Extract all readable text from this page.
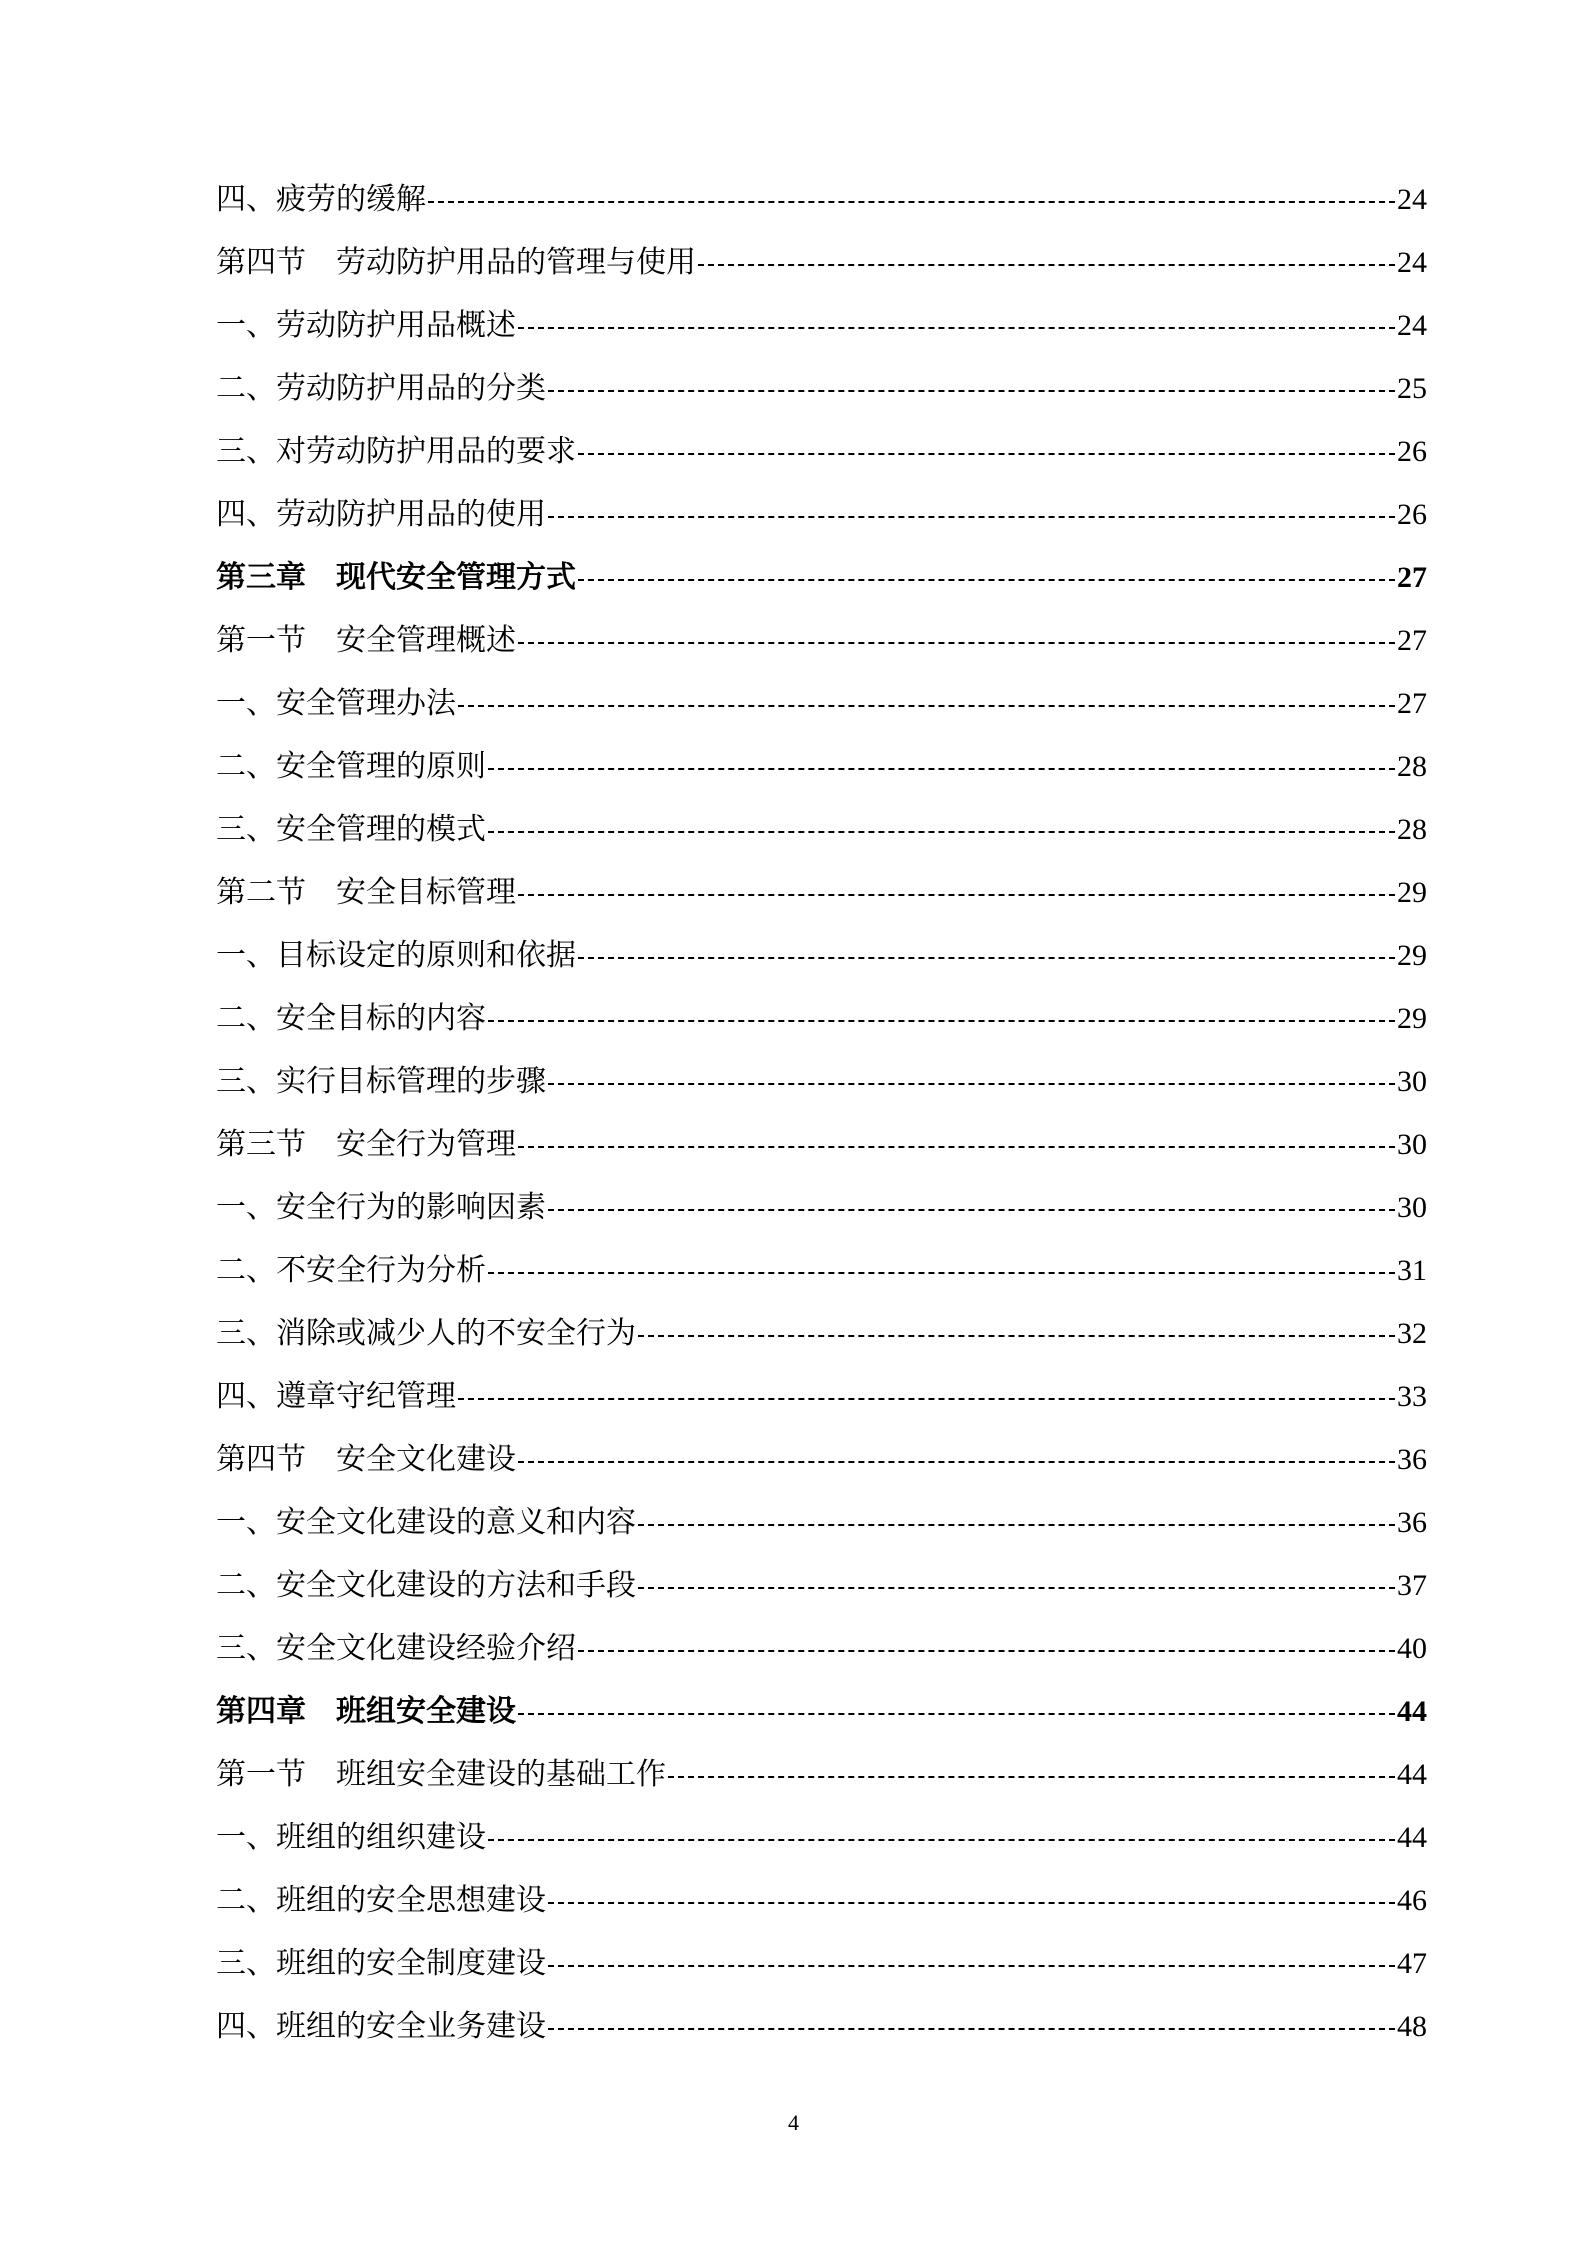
四、疲劳的缓解	24
第四节　劳动防护用品的管理与使用	24
一、劳动防护用品概述	24
二、劳动防护用品的分类	25
三、对劳动防护用品的要求	26
四、劳动防护用品的使用	26
第三章　现代安全管理方式	27
第一节　安全管理概述	27
一、安全管理办法	27
二、安全管理的原则	28
三、安全管理的模式	28
第二节　安全目标管理	29
一、目标设定的原则和依据	29
二、安全目标的内容	29
三、实行目标管理的步骤	30
第三节　安全行为管理	30
一、安全行为的影响因素	30
二、不安全行为分析	31
三、消除或减少人的不安全行为	32
四、遵章守纪管理	33
第四节　安全文化建设	36
一、安全文化建设的意义和内容	36
二、安全文化建设的方法和手段	37
三、安全文化建设经验介绍	40
第四章　班组安全建设	44
第一节　班组安全建设的基础工作	44
一、班组的组织建设	44
二、班组的安全思想建设	46
三、班组的安全制度建设	47
四、班组的安全业务建设	48
4
